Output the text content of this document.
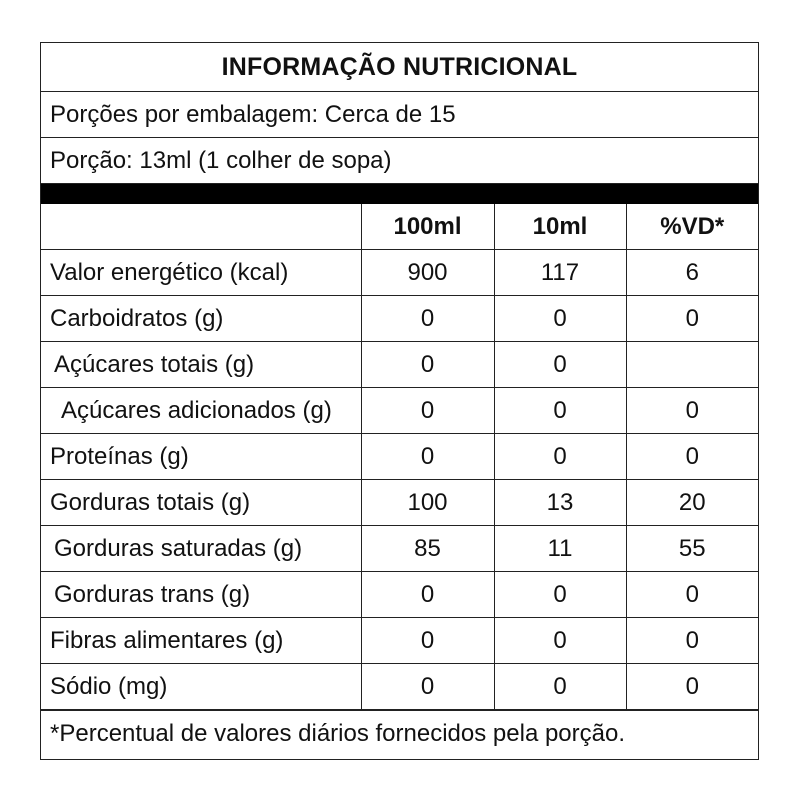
INFORMAÇÃO NUTRICIONAL
Porções por embalagem: Cerca de 15
Porção: 13ml (1 colher de sopa)
	100ml	10ml	%VD*
Valor energético (kcal)	900	117	6
Carboidratos (g)	0	0	0
Açúcares totais (g)	0	0	
Açúcares adicionados (g)	0	0	0
Proteínas (g)	0	0	0
Gorduras totais (g)	100	13	20
Gorduras saturadas (g)	85	11	55
Gorduras trans (g)	0	0	0
Fibras alimentares (g)	0	0	0
Sódio (mg)	0	0	0
*Percentual de valores diários fornecidos pela porção.
